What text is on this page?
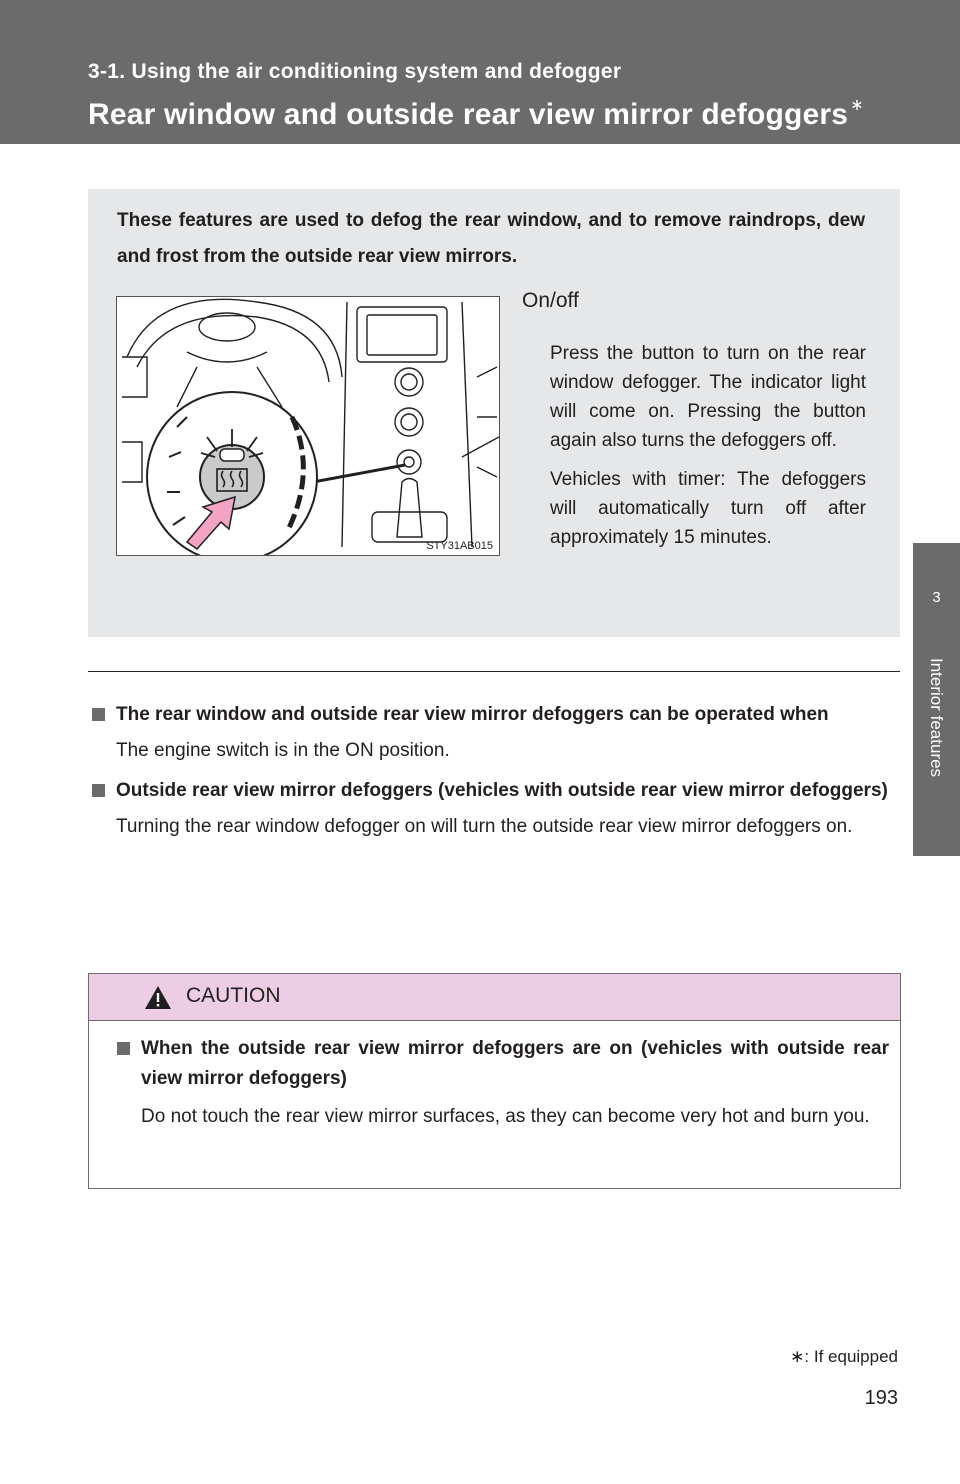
3-1. Using the air conditioning system and defogger
Rear window and outside rear view mirror defoggers ∗
3
Interior features
These features are used to defog the rear window, and to remove raindrops, dew and frost from the outside rear view mirrors.
STY31AB015
On/off

Press the button to turn on the rear window defogger. The indicator light will come on. Pressing the button again also turns the defoggers off.

Vehicles with timer: The defoggers will automatically turn off after approximately 15 minutes.

The rear window and outside rear view mirror defoggers can be operated when
The engine switch is in the ON position.
Outside rear view mirror defoggers (vehicles with outside rear view mirror defoggers)
Turning the rear window defogger on will turn the outside rear view mirror defoggers on.
CAUTION
When the outside rear view mirror defoggers are on (vehicles with outside rear view mirror defoggers)
Do not touch the rear view mirror surfaces, as they can become very hot and burn you.
∗: If equipped
193
